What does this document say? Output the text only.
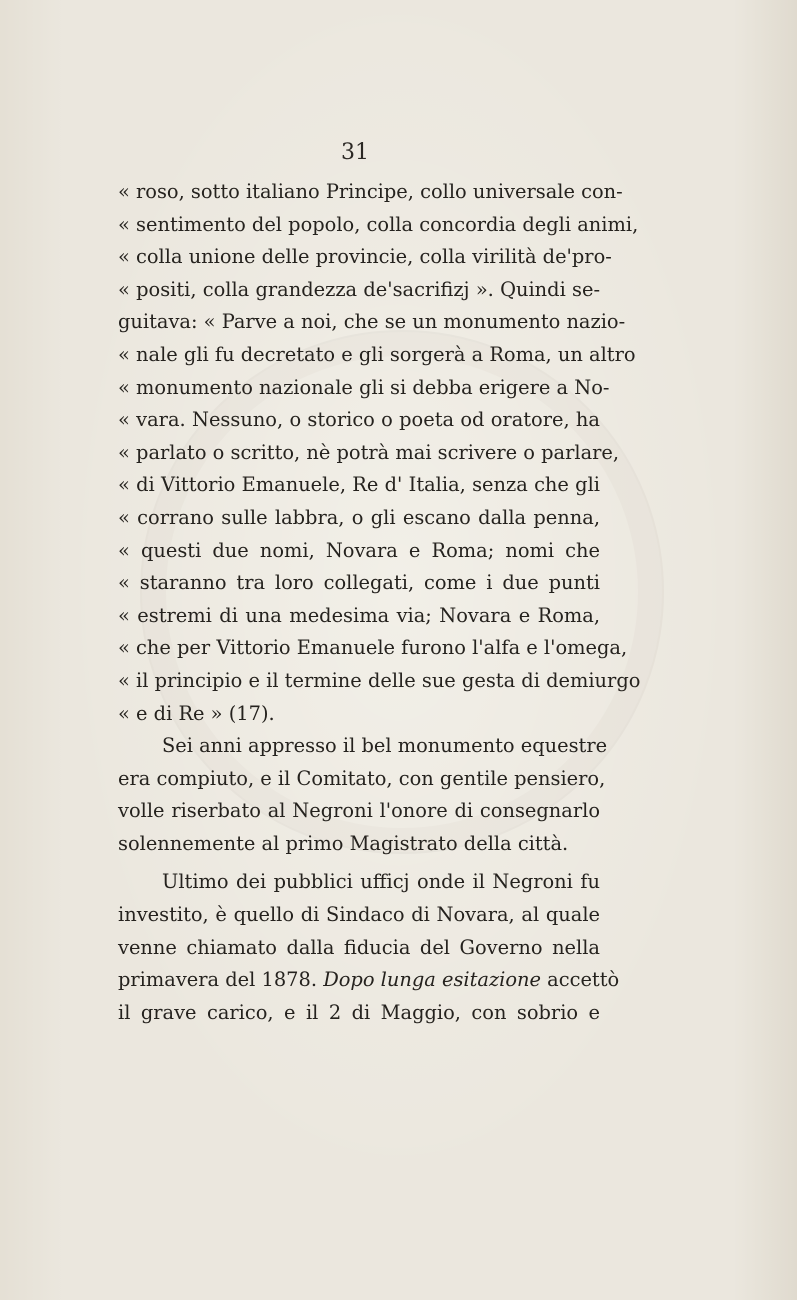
31
« roso, sotto italiano Principe, collo universale con-
« sentimento del popolo, colla concordia degli animi,
« colla unione delle provincie, colla virilità de'pro-
« positi, colla grandezza de'sacrifizj ». Quindi se-
guitava: « Parve a noi, che se un monumento nazio-
« nale gli fu decretato e gli sorgerà a Roma, un altro
« monumento nazionale gli si debba erigere a No-
« vara. Nessuno, o storico o poeta od oratore, ha
« parlato o scritto, nè potrà mai scrivere o parlare,
« di Vittorio Emanuele, Re d' Italia, senza che gli
« corrano sulle labbra, o gli escano dalla penna,
« questi due nomi, Novara e Roma; nomi che
« staranno tra loro collegati, come i due punti
« estremi di una medesima via; Novara e Roma,
« che per Vittorio Emanuele furono l'alfa e l'omega,
« il principio e il termine delle sue gesta di demiurgo
« e di Re » (17).
Sei anni appresso il bel monumento equestre
era compiuto, e il Comitato, con gentile pensiero,
volle riserbato al Negroni l'onore di consegnarlo
solennemente al primo Magistrato della città.
Ultimo dei pubblici ufficj onde il Negroni fu
investito, è quello di Sindaco di Novara, al quale
venne chiamato dalla fiducia del Governo nella
primavera del 1878. Dopo lunga esitazione accettò
il grave carico, e il 2 di Maggio, con sobrio e
